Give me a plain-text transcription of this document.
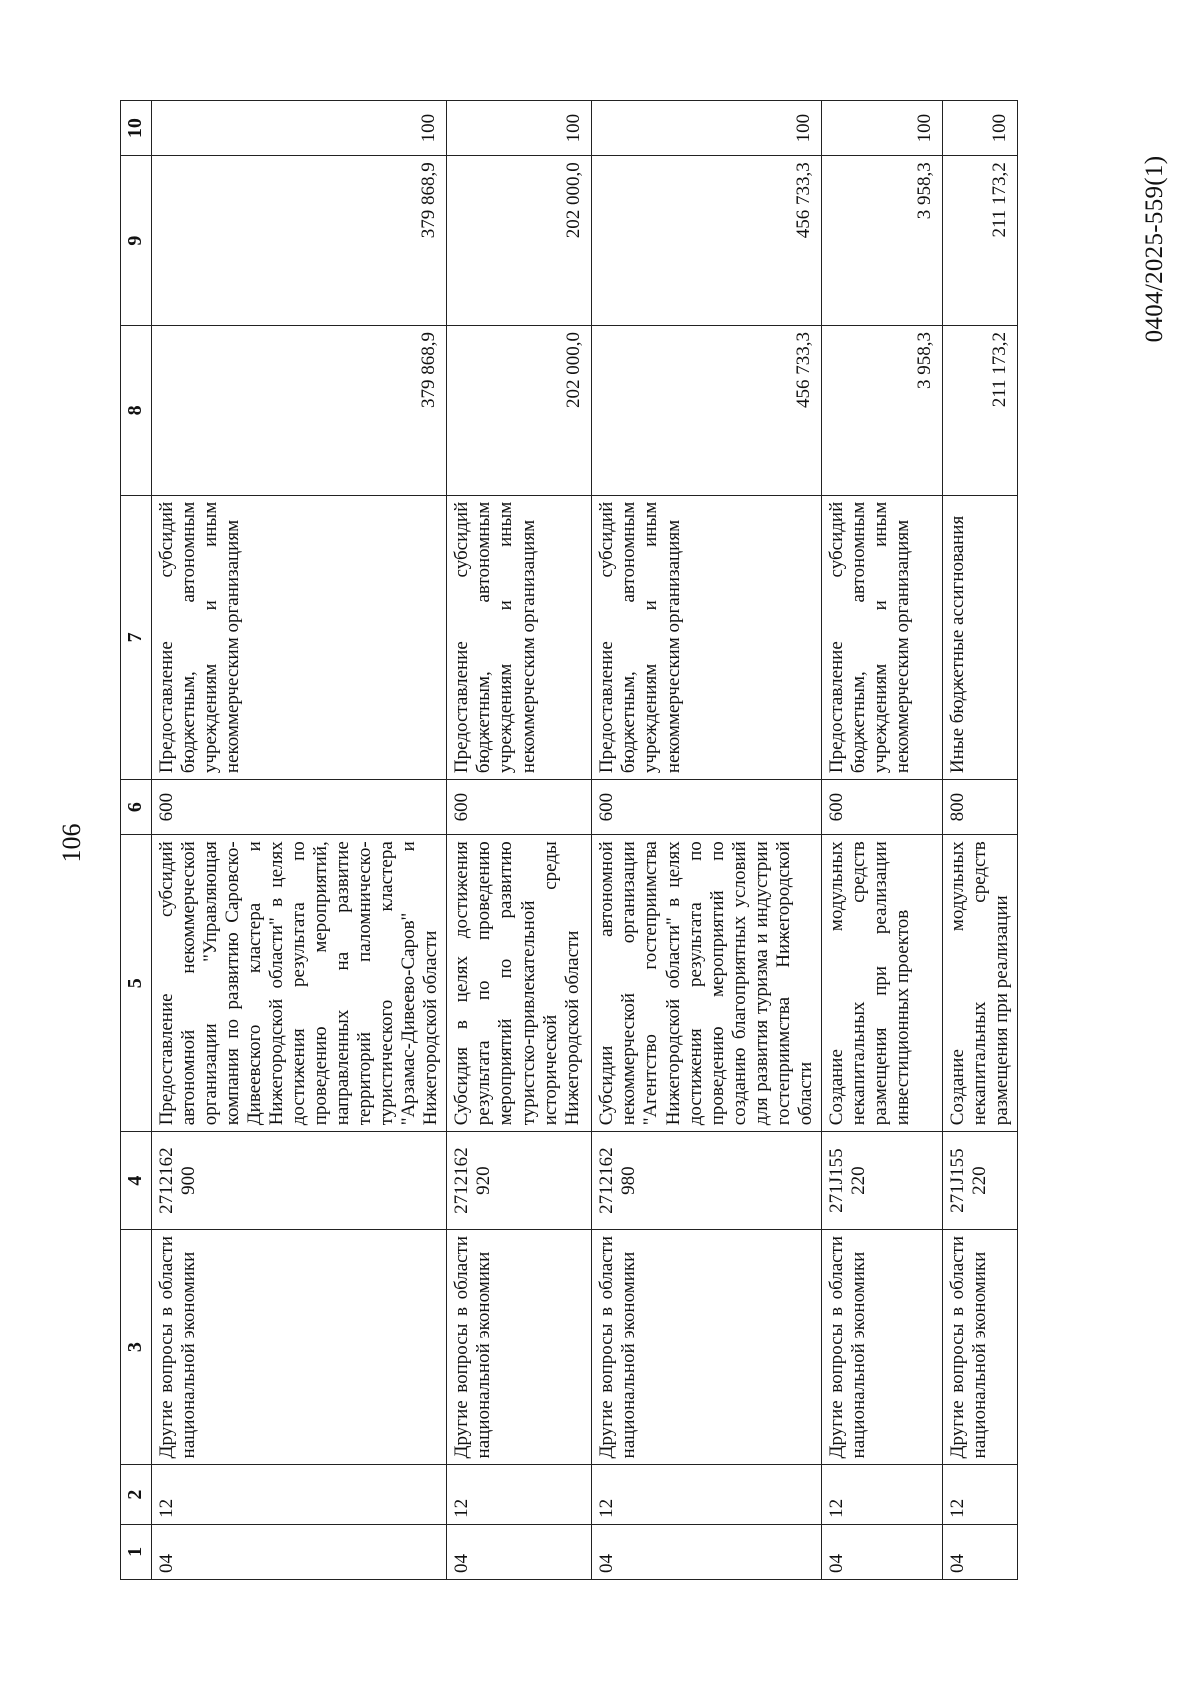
106
0404/2025-559(1)
1	2	3	4	5	6	7	8	9	10
04	12	Другие вопросы в области национальной экономики	2712162 900	Предоставление субсидий автономной некоммерческой организации "Управляющая компания по развитию Саровско-Дивеевского кластера и Нижегородской области" в целях достижения результата по проведению мероприятий, направленных на развитие территорий паломническо-туристического кластера "Арзамас-Дивеево-Саров" и Нижегородской области	600	Предоставление субсидий бюджетным, автономным учреждениям и иным некоммерческим организациям	379 868,9	379 868,9	100
04	12	Другие вопросы в области национальной экономики	2712162 920	Субсидия в целях достижения результата по проведению мероприятий по развитию туристско-привлекательной исторической среды Нижегородской области	600	Предоставление субсидий бюджетным, автономным учреждениям и иным некоммерческим организациям	202 000,0	202 000,0	100
04	12	Другие вопросы в области национальной экономики	2712162 980	Субсидии автономной некоммерческой организации "Агентство гостеприимства Нижегородской области" в целях достижения результата по проведению мероприятий по созданию благоприятных условий для развития туризма и индустрии гостеприимства Нижегородской области	600	Предоставление субсидий бюджетным, автономным учреждениям и иным некоммерческим организациям	456 733,3	456 733,3	100
04	12	Другие вопросы в области национальной экономики	271J155 220	Создание модульных некапитальных средств размещения при реализации инвестиционных проектов	600	Предоставление субсидий бюджетным, автономным учреждениям и иным некоммерческим организациям	3 958,3	3 958,3	100
04	12	Другие вопросы в области национальной экономики	271J155 220	Создание модульных некапитальных средств размещения при реализации	800	Иные бюджетные ассигнования	211 173,2	211 173,2	100
